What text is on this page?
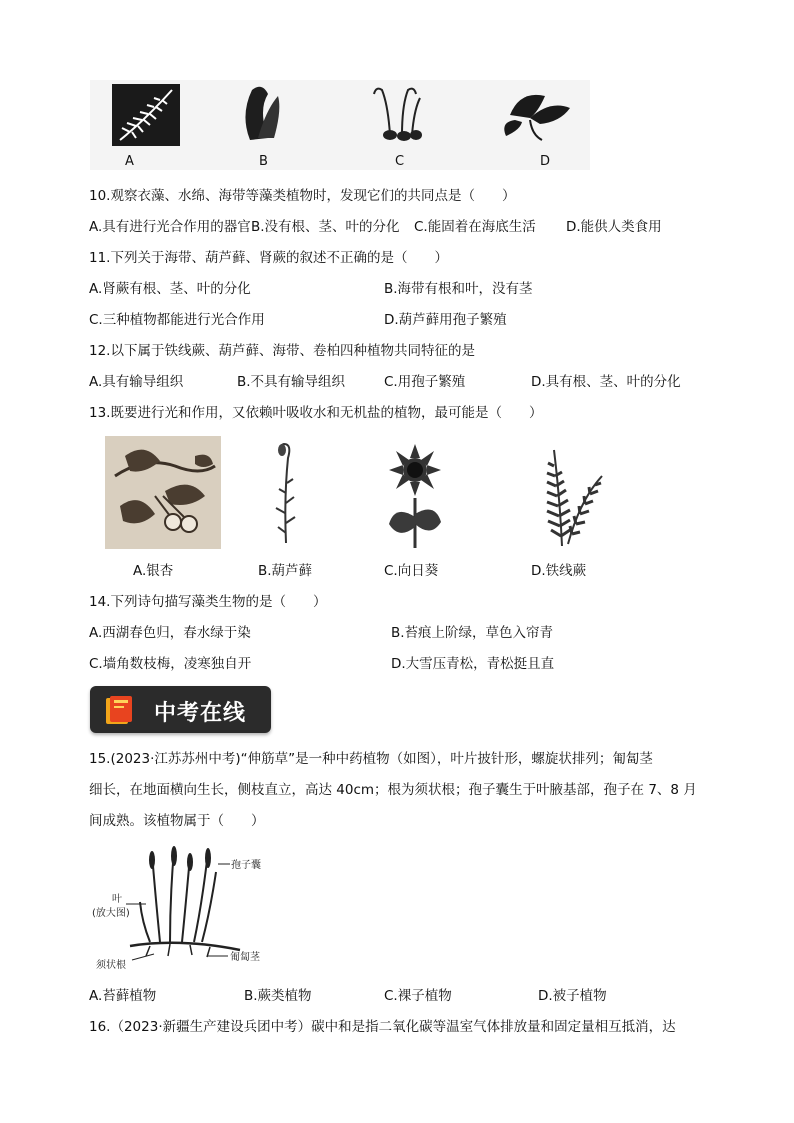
A	B	C	D
10.观察衣藻、水绵、海带等藻类植物时，发现它们的共同点是（　　）
A.具有进行光合作用的器官 B.没有根、茎、叶的分化 C.能固着在海底生活 D.能供人类食用
11.下列关于海带、葫芦藓、肾蕨的叙述不正确的是（　　）
A.肾蕨有根、茎、叶的分化	B.海带有根和叶，没有茎
C.三种植物都能进行光合作用	D.葫芦藓用孢子繁殖
12.以下属于铁线蕨、葫芦藓、海带、卷柏四种植物共同特征的是
A.具有输导组织	B.不具有输导组织	C.用孢子繁殖	D.具有根、茎、叶的分化
13.既要进行光和作用，又依赖叶吸收水和无机盐的植物，最可能是（　　）
A.银杏	B.葫芦藓	C.向日葵	D.铁线蕨
14.下列诗句描写藻类生物的是（　　）
A.西湖春色归，春水绿于染	B.苔痕上阶绿，草色入帘青
C.墙角数枝梅，凌寒独自开	D.大雪压青松，青松挺且直
中考在线
15.(2023·江苏苏州中考)“伸筋草”是一种中药植物（如图），叶片披针形，螺旋状排列；匍匐茎
细长，在地面横向生长，侧枝直立，高达 40cm；根为须状根；孢子囊生于叶腋基部，孢子在 7、8 月
间成熟。该植物属于（　　）
孢子囊
叶
(放大图)
匍匐茎
须状根
A.苔藓植物	B.蕨类植物	C.裸子植物	D.被子植物
16.（2023·新疆生产建设兵团中考）碳中和是指二氧化碳等温室气体排放量和固定量相互抵消，达
